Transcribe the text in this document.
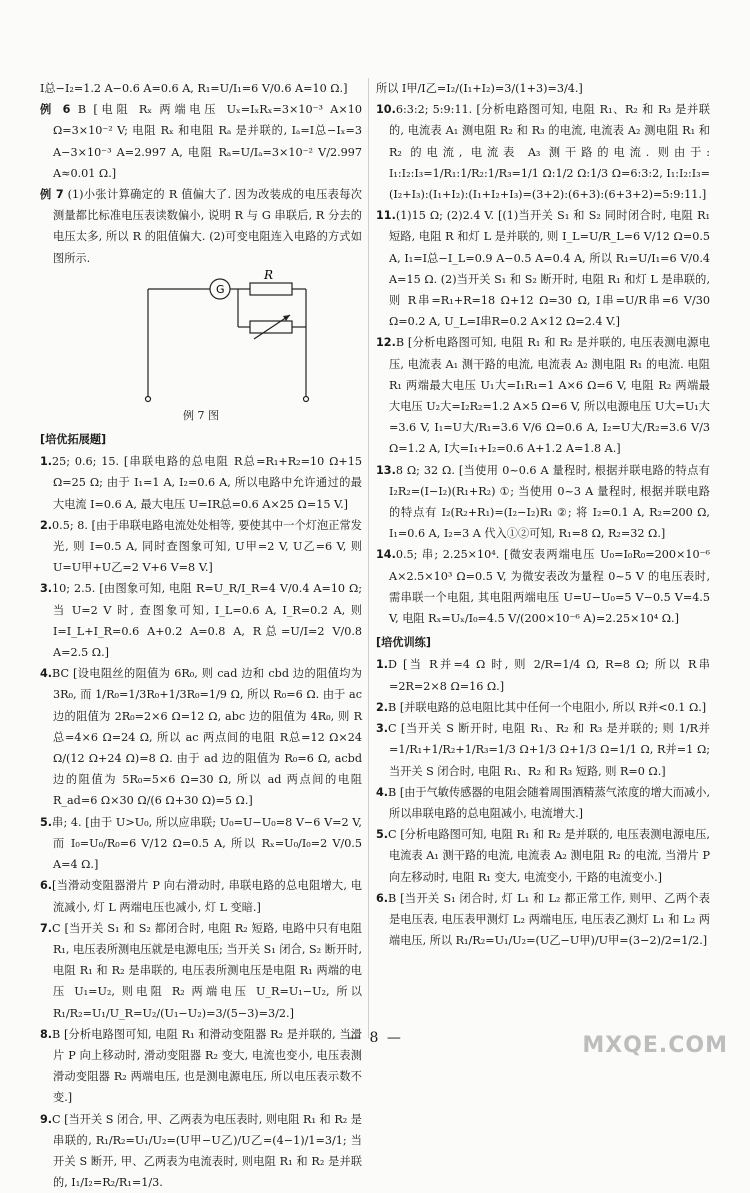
I总−I₂=1.2 A−0.6 A=0.6 A, R₁=U/I₁=6 V/0.6 A=10 Ω.]

例 6 B [电阻 Rₓ 两端电压 Uₓ=IₓRₓ=3×10⁻³ A×10 Ω=3×10⁻² V; 电阻 Rₓ 和电阻 Rₐ 是并联的, Iₐ=I总−Iₓ=3 A−3×10⁻³ A=2.997 A, 电阻 Rₐ=U/Iₐ=3×10⁻² V/2.997 A≈0.01 Ω.]

例 7 (1)小张计算确定的 R 值偏大了. 因为改装成的电压表每次测量都比标准电压表读数偏小, 说明 R 与 G 串联后, R 分去的电压太多, 所以 R 的阻值偏大. (2)可变电阻连入电路的方式如图所示.

G
R
例 7 图
[培优拓展题]

1.25; 0.6; 15. [串联电路的总电阻 R总=R₁+R₂=10 Ω+15 Ω=25 Ω; 由于 I₁=1 A, I₂=0.6 A, 所以电路中允许通过的最大电流 I=0.6 A, 最大电压 U=IR总=0.6 A×25 Ω=15 V.]

2.0.5; 8. [由于串联电路电流处处相等, 要使其中一个灯泡正常发光, 则 I=0.5 A, 同时查图象可知, U甲=2 V, U乙=6 V, 则 U=U甲+U乙=2 V+6 V=8 V.]

3.10; 2.5. [由图象可知, 电阻 R=U_R/I_R=4 V/0.4 A=10 Ω; 当 U=2 V 时, 查图象可知, I_L=0.6 A, I_R=0.2 A, 则 I=I_L+I_R=0.6 A+0.2 A=0.8 A, R总=U/I=2 V/0.8 A=2.5 Ω.]

4.BC [设电阻丝的阻值为 6R₀, 则 cad 边和 cbd 边的阻值均为 3R₀, 而 1/R₀=1/3R₀+1/3R₀=1/9 Ω, 所以 R₀=6 Ω. 由于 ac 边的阻值为 2R₀=2×6 Ω=12 Ω, abc 边的阻值为 4R₀, 则 R总=4×6 Ω=24 Ω, 所以 ac 两点间的电阻 R总=12 Ω×24 Ω/(12 Ω+24 Ω)=8 Ω. 由于 ad 边的阻值为 R₀=6 Ω, acbd 边的阻值为 5R₀=5×6 Ω=30 Ω, 所以 ad 两点间的电阻 R_ad=6 Ω×30 Ω/(6 Ω+30 Ω)=5 Ω.]

5.串; 4. [由于 U>U₀, 所以应串联; U₀=U−U₀=8 V−6 V=2 V, 而 I₀=U₀/R₀=6 V/12 Ω=0.5 A, 所以 Rₓ=U₀/I₀=2 V/0.5 A=4 Ω.]

6.[当滑动变阻器滑片 P 向右滑动时, 串联电路的总电阻增大, 电流减小, 灯 L 两端电压也减小, 灯 L 变暗.]

7.C [当开关 S₁ 和 S₂ 都闭合时, 电阻 R₂ 短路, 电路中只有电阻 R₁, 电压表所测电压就是电源电压; 当开关 S₁ 闭合, S₂ 断开时, 电阻 R₁ 和 R₂ 是串联的, 电压表所测电压是电阻 R₁ 两端的电压 U₁=U₂, 则电阻 R₂ 两端电压 U_R=U₁−U₂, 所以 R₁/R₂=U₁/U_R=U₂/(U₁−U₂)=3/(5−3)=3/2.]

8.B [分析电路图可知, 电阻 R₁ 和滑动变阻器 R₂ 是并联的, 当滑片 P 向上移动时, 滑动变阻器 R₂ 变大, 电流也变小, 电压表测滑动变阻器 R₂ 两端电压, 也是测电源电压, 所以电压表示数不变.]

9.C [当开关 S 闭合, 甲、乙两表为电压表时, 则电阻 R₁ 和 R₂ 是串联的, R₁/R₂=U₁/U₂=(U甲−U乙)/U乙=(4−1)/1=3/1; 当开关 S 断开, 甲、乙两表为电流表时, 则电阻 R₁ 和 R₂ 是并联的, I₁/I₂=R₂/R₁=1/3.

所以 I甲/I乙=I₂/(I₁+I₂)=3/(1+3)=3/4.]

10.6:3:2; 5:9:11. [分析电路图可知, 电阻 R₁、R₂ 和 R₃ 是并联的, 电流表 A₁ 测电阻 R₂ 和 R₃ 的电流, 电流表 A₂ 测电阻 R₁ 和 R₂ 的电流, 电流表 A₃ 测干路的电流. 则由于: I₁:I₂:I₃=1/R₁:1/R₂:1/R₃=1/1 Ω:1/2 Ω:1/3 Ω=6:3:2, I₁:I₂:I₃=(I₂+I₃):(I₁+I₂):(I₁+I₂+I₃)=(3+2):(6+3):(6+3+2)=5:9:11.]

11.(1)15 Ω; (2)2.4 V. [(1)当开关 S₁ 和 S₂ 同时闭合时, 电阻 R₁ 短路, 电阻 R 和灯 L 是并联的, 则 I_L=U/R_L=6 V/12 Ω=0.5 A, I₁=I总−I_L=0.9 A−0.5 A=0.4 A, 所以 R₁=U/I₁=6 V/0.4 A=15 Ω. (2)当开关 S₁ 和 S₂ 断开时, 电阻 R₁ 和灯 L 是串联的, 则 R串=R₁+R=18 Ω+12 Ω=30 Ω, I串=U/R串=6 V/30 Ω=0.2 A, U_L=I串R=0.2 A×12 Ω=2.4 V.]

12.B [分析电路图可知, 电阻 R₁ 和 R₂ 是并联的, 电压表测电源电压, 电流表 A₁ 测干路的电流, 电流表 A₂ 测电阻 R₁ 的电流. 电阻 R₁ 两端最大电压 U₁大=I₁R₁=1 A×6 Ω=6 V, 电阻 R₂ 两端最大电压 U₂大=I₂R₂=1.2 A×5 Ω=6 V, 所以电源电压 U大=U₁大=3.6 V, I₁=U大/R₁=3.6 V/6 Ω=0.6 A, I₂=U大/R₂=3.6 V/3 Ω=1.2 A, I大=I₁+I₂=0.6 A+1.2 A=1.8 A.]

13.8 Ω; 32 Ω. [当使用 0~0.6 A 量程时, 根据并联电路的特点有 I₂R₂=(I−I₂)(R₁+R₂) ①; 当使用 0~3 A 量程时, 根据并联电路的特点有 I₂(R₂+R₁)=(I₂−I₂)R₁ ②; 将 I₂=0.1 A, R₂=200 Ω, I₁=0.6 A, I₂=3 A 代入①②可知, R₁=8 Ω, R₂=32 Ω.]

14.0.5; 串; 2.25×10⁴. [微安表两端电压 U₀=I₀R₀=200×10⁻⁶ A×2.5×10³ Ω=0.5 V, 为微安表改为量程 0~5 V 的电压表时, 需串联一个电阻, 其电阻两端电压 U=U−U₀=5 V−0.5 V=4.5 V, 电阻 Rₓ=Uₓ/I₀=4.5 V/(200×10⁻⁶ A)=2.25×10⁴ Ω.]

[培优训练]

1.D [当 R并=4 Ω 时, 则 2/R=1/4 Ω, R=8 Ω; 所以 R串=2R=2×8 Ω=16 Ω.]

2.B [并联电路的总电阻比其中任何一个电阻小, 所以 R并<0.1 Ω.]

3.C [当开关 S 断开时, 电阻 R₁、R₂ 和 R₃ 是并联的; 则 1/R并=1/R₁+1/R₂+1/R₃=1/3 Ω+1/3 Ω+1/3 Ω=1/1 Ω, R并=1 Ω; 当开关 S 闭合时, 电阻 R₁、R₂ 和 R₃ 短路, 则 R=0 Ω.]

4.B [由于气敏传感器的电阻会随着周围酒精蒸气浓度的增大而减小, 所以串联电路的总电阻减小, 电流增大.]

5.C [分析电路图可知, 电阻 R₁ 和 R₂ 是并联的, 电压表测电源电压, 电流表 A₁ 测干路的电流, 电流表 A₂ 测电阻 R₂ 的电流, 当滑片 P 向左移动时, 电阻 R₁ 变大, 电流变小, 干路的电流变小.]

6.B [当开关 S₁ 闭合时, 灯 L₁ 和 L₂ 都正常工作, 则甲、乙两个表是电压表, 电压表甲测灯 L₂ 两端电压, 电压表乙测灯 L₁ 和 L₂ 两端电压, 所以 R₁/R₂=U₁/U₂=(U乙−U甲)/U甲=(3−2)/2=1/2.]

— 8 —	MXQE.COM
